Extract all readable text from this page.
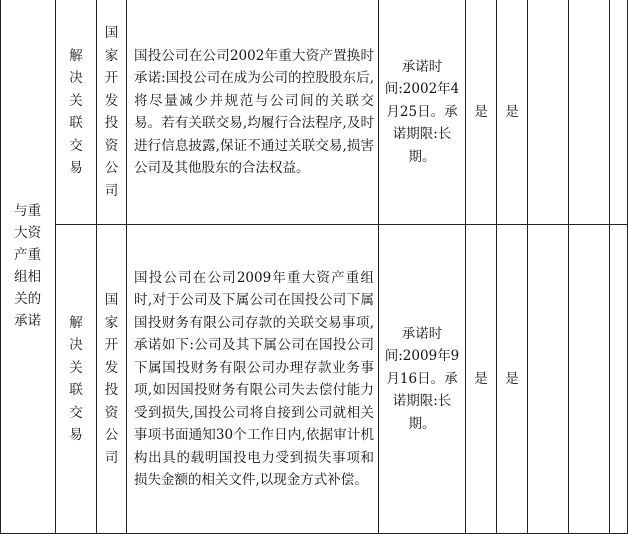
与重大资产重组相关的承诺	解决关联交易	国家开发投资公司	国投公司在公司2002年重大资产置换时承诺:国投公司在成为公司的控股股东后,将尽量减少并规范与公司间的关联交易。若有关联交易,均履行合法程序,及时进行信息披露,保证不通过关联交易,损害公司及其他股东的合法权益。	承诺时间:2002年4月25日。承诺期限:长期。	是	是			
	解决关联交易	国家开发投资公司	国投公司在公司2009年重大资产重组时,对于公司及下属公司在国投公司下属国投财务有限公司存款的关联交易事项,承诺如下:公司及其下属公司在国投公司下属国投财务有限公司办理存款业务事项,如因国投财务有限公司失去偿付能力受到损失,国投公司将自接到公司就相关事项书面通知30个工作日内,依据审计机构出具的载明国投电力受到损失事项和损失金额的相关文件,以现金方式补偿。	承诺时间:2009年9月16日。承诺期限:长期。	是	是			
